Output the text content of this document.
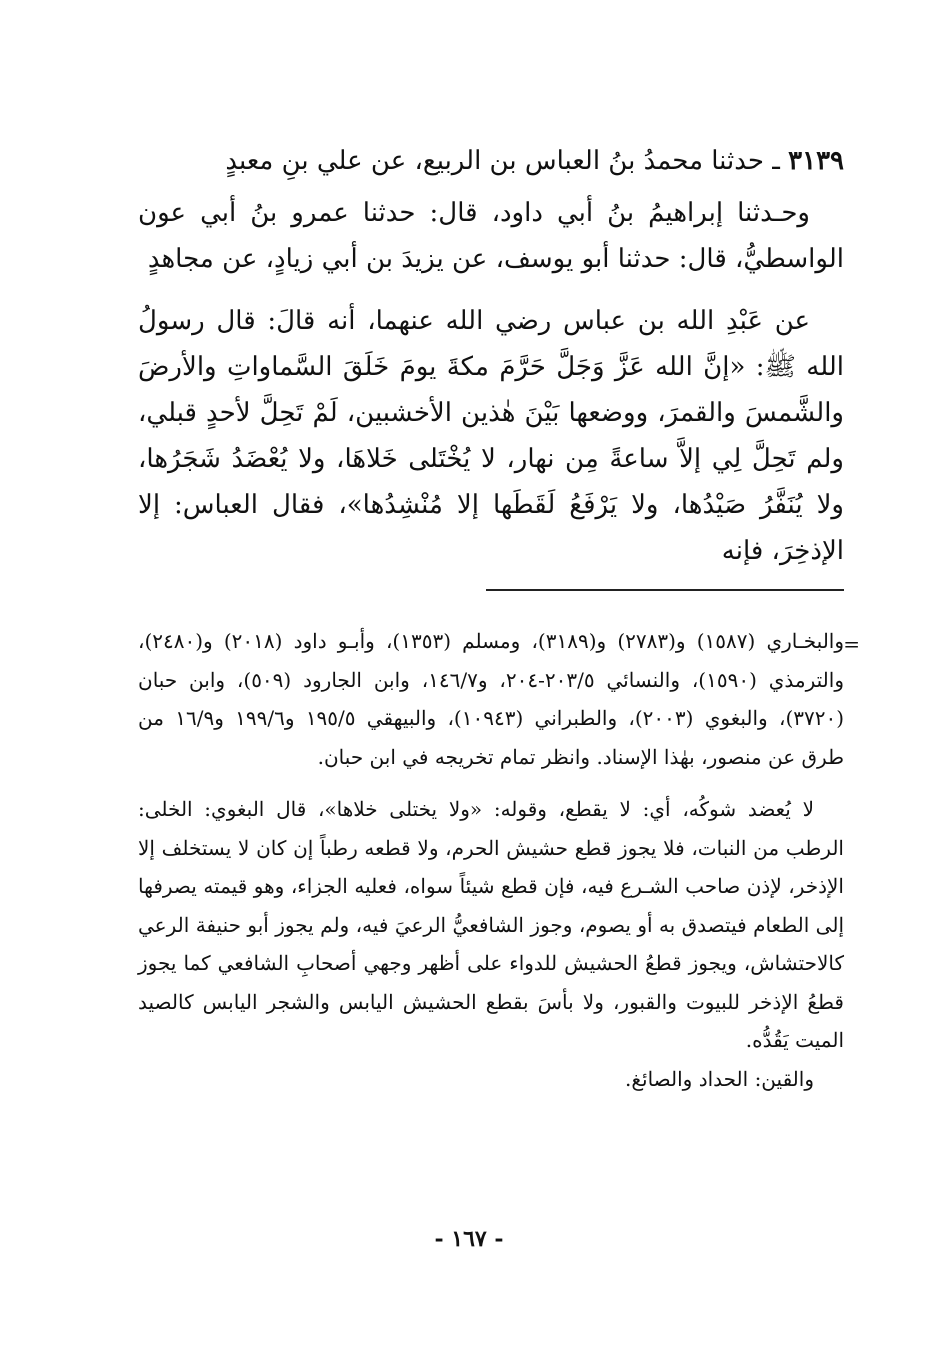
٣١٣٩ ـ حدثنا محمدُ بنُ العباس بن الربيع، عن علي بنِ معبدٍ

وحـدثنا إبراهيمُ بنُ أبي داود، قال: حدثنا عمرو بنُ أبي عون الواسطيُّ، قال: حدثنا أبو يوسف، عن يزيدَ بن أبي زيادٍ، عن مجاهدٍ

عن عَبْدِ الله بن عباس رضي الله عنهما، أنه قالَ: قال رسولُ الله ﷺ: «إنَّ الله عَزَّ وَجَلَّ حَرَّمَ مكةَ يومَ خَلَقَ السَّماواتِ والأرضَ والشَّمسَ والقمرَ، ووضعها بَيْنَ هٰذين الأخشبين، لَمْ تَحِلَّ لأحدٍ قبلي، ولم تَحِلَّ لِي إلاَّ ساعةً مِن نهار، لا يُخْتَلى خَلاهَا، ولا يُعْضَدُ شَجَرُها، ولا يُنَفَّرُ صَيْدُها، ولا يَرْفَعُ لَقَطَها إلا مُنْشِدُها»، فقال العباس: إلا الإذخِرَ، فإنه

=

والبخـاري (١٥٨٧) و(٢٧٨٣) و(٣١٨٩)، ومسلم (١٣٥٣)، وأبـو داود (٢٠١٨) و(٢٤٨٠)، والترمذي (١٥٩٠)، والنسائي ٢٠٣/٥-٢٠٤، و١٤٦/٧، وابن الجارود (٥٠٩)، وابن حبان (٣٧٢٠)، والبغوي (٢٠٠٣)، والطبراني (١٠٩٤٣)، والبيهقي ١٩٥/٥ و١٩٩/٦ و١٦/٩ من طرق عن منصور، بهٰذا الإسناد. وانظر تمام تخريجه في ابن حبان.

لا يُعضد شوكُه، أي: لا يقطع، وقوله: «ولا يختلى خلاها»، قال البغوي: الخلى: الرطب من النبات، فلا يجوز قطع حشيش الحرم، ولا قطعه رطباً إن كان لا يستخلف إلا الإذخر، لإذن صاحب الشـرع فيه، فإن قطع شيئاً سواه، فعليه الجزاء، وهو قيمته يصرفها إلى الطعام فيتصدق به أو يصوم، وجوز الشافعيُّ الرعيَ فيه، ولم يجوز أبو حنيفة الرعي كالاحتشاش، ويجوز قطعُ الحشيش للدواء على أظهر وجهي أصحابِ الشافعي كما يجوز قطعُ الإذخر للبيوت والقبور، ولا بأسَ بقطع الحشيش اليابس والشجر اليابس كالصيد الميت يَقُدُّه.

والقين: الحداد والصائغ.

- ١٦٧ -
